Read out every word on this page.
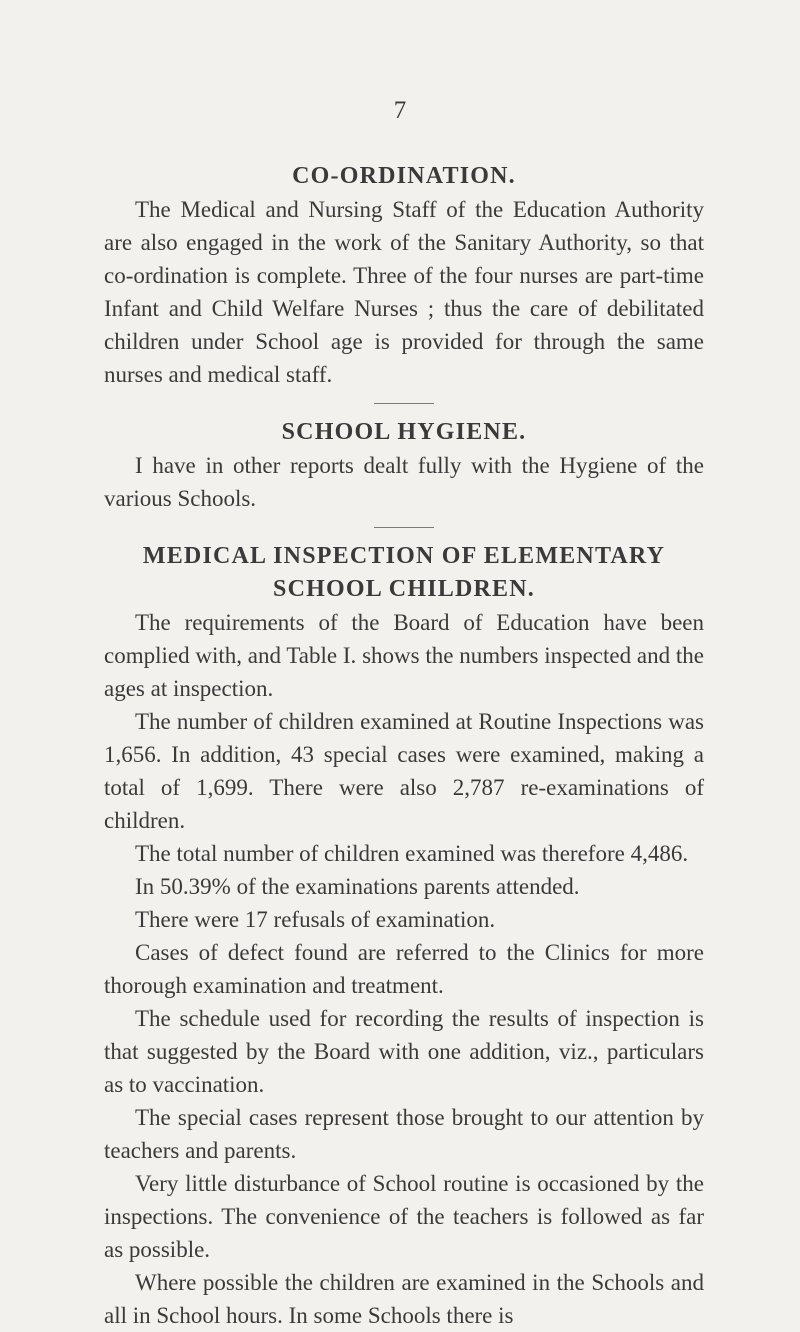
7
CO-ORDINATION.

The Medical and Nursing Staff of the Education Authority are also engaged in the work of the Sanitary Authority, so that co-ordination is complete. Three of the four nurses are part-time Infant and Child Welfare Nurses ; thus the care of debilitated children under School age is provided for through the same nurses and medical staff.

SCHOOL HYGIENE.

I have in other reports dealt fully with the Hygiene of the various Schools.

MEDICAL INSPECTION OF ELEMENTARY
SCHOOL CHILDREN.

The requirements of the Board of Education have been complied with, and Table I. shows the numbers inspected and the ages at inspection.

The number of children examined at Routine Inspections was 1,656. In addition, 43 special cases were examined, making a total of 1,699. There were also 2,787 re-examinations of children.

The total number of children examined was therefore 4,486.

In 50.39% of the examinations parents attended.

There were 17 refusals of examination.

Cases of defect found are referred to the Clinics for more thorough examination and treatment.

The schedule used for recording the results of inspection is that suggested by the Board with one addition, viz., particulars as to vaccination.

The special cases represent those brought to our attention by teachers and parents.

Very little disturbance of School routine is occasioned by the inspections. The convenience of the teachers is followed as far as possible.

Where possible the children are examined in the Schools and all in School hours. In some Schools there is
